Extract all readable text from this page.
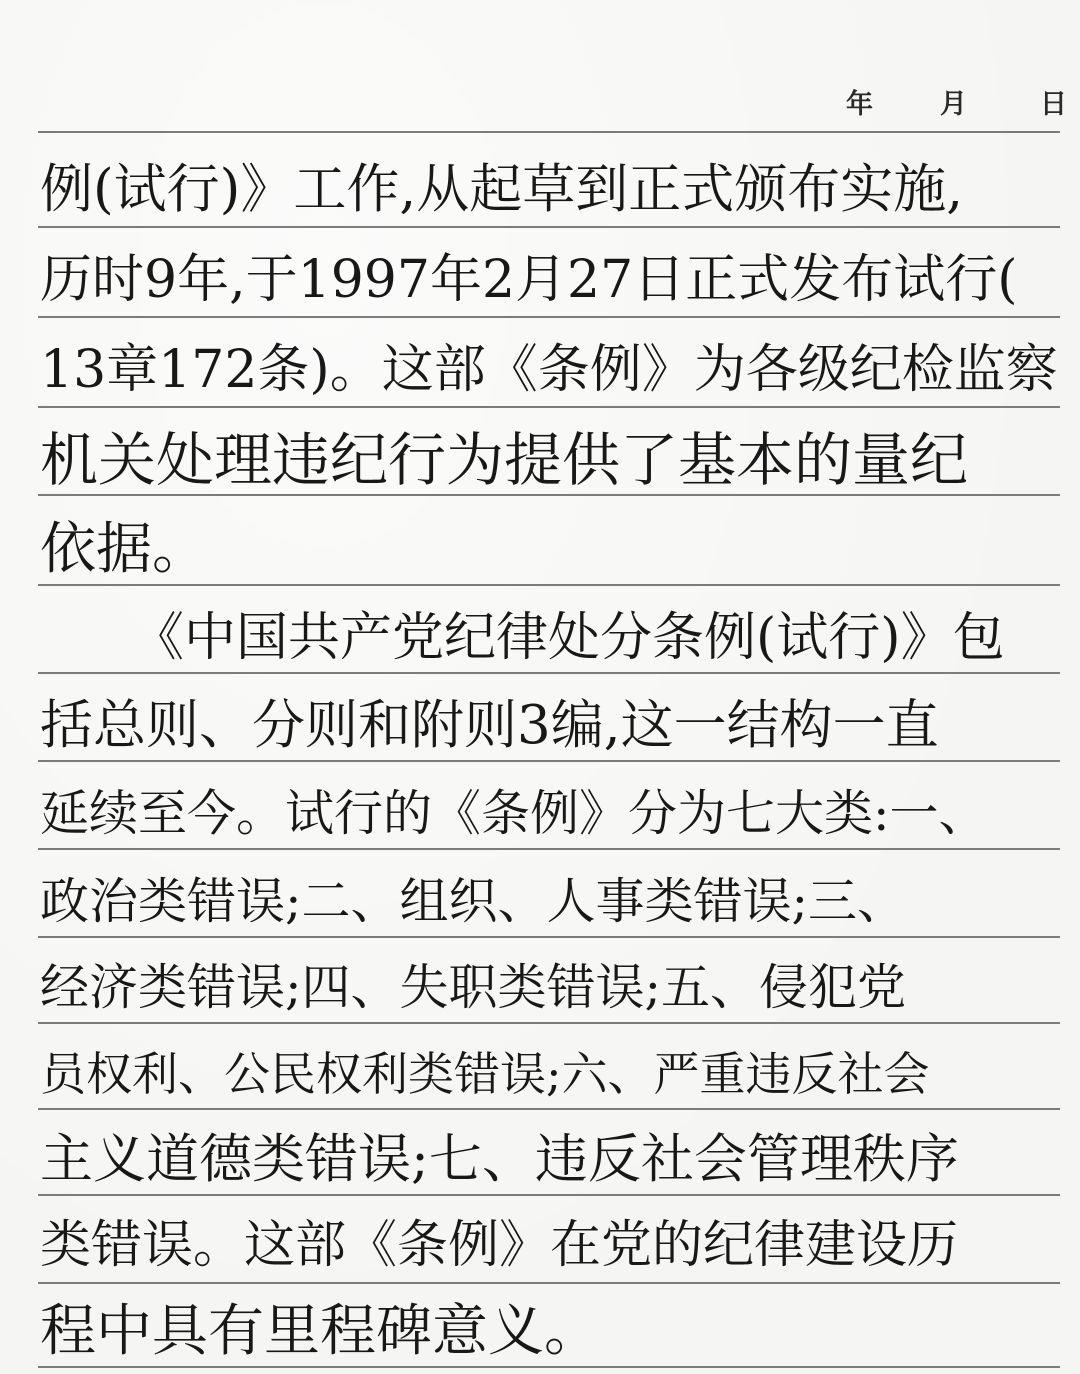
年 月	日
例(试行)》工作,从起草到正式颁布实施,
历时9年,于1997年2月27日正式发布试行(
13章172条)。这部《条例》为各级纪检监察
机关处理违纪行为提供了基本的量纪
依据。
《中国共产党纪律处分条例(试行)》包
括总则、分则和附则3编,这一结构一直
延续至今。试行的《条例》分为七大类:一、
政治类错误;二、组织、人事类错误;三、
经济类错误;四、失职类错误;五、侵犯党
员权利、公民权利类错误;六、严重违反社会
主义道德类错误;七、违反社会管理秩序
类错误。这部《条例》在党的纪律建设历
程中具有里程碑意义。
